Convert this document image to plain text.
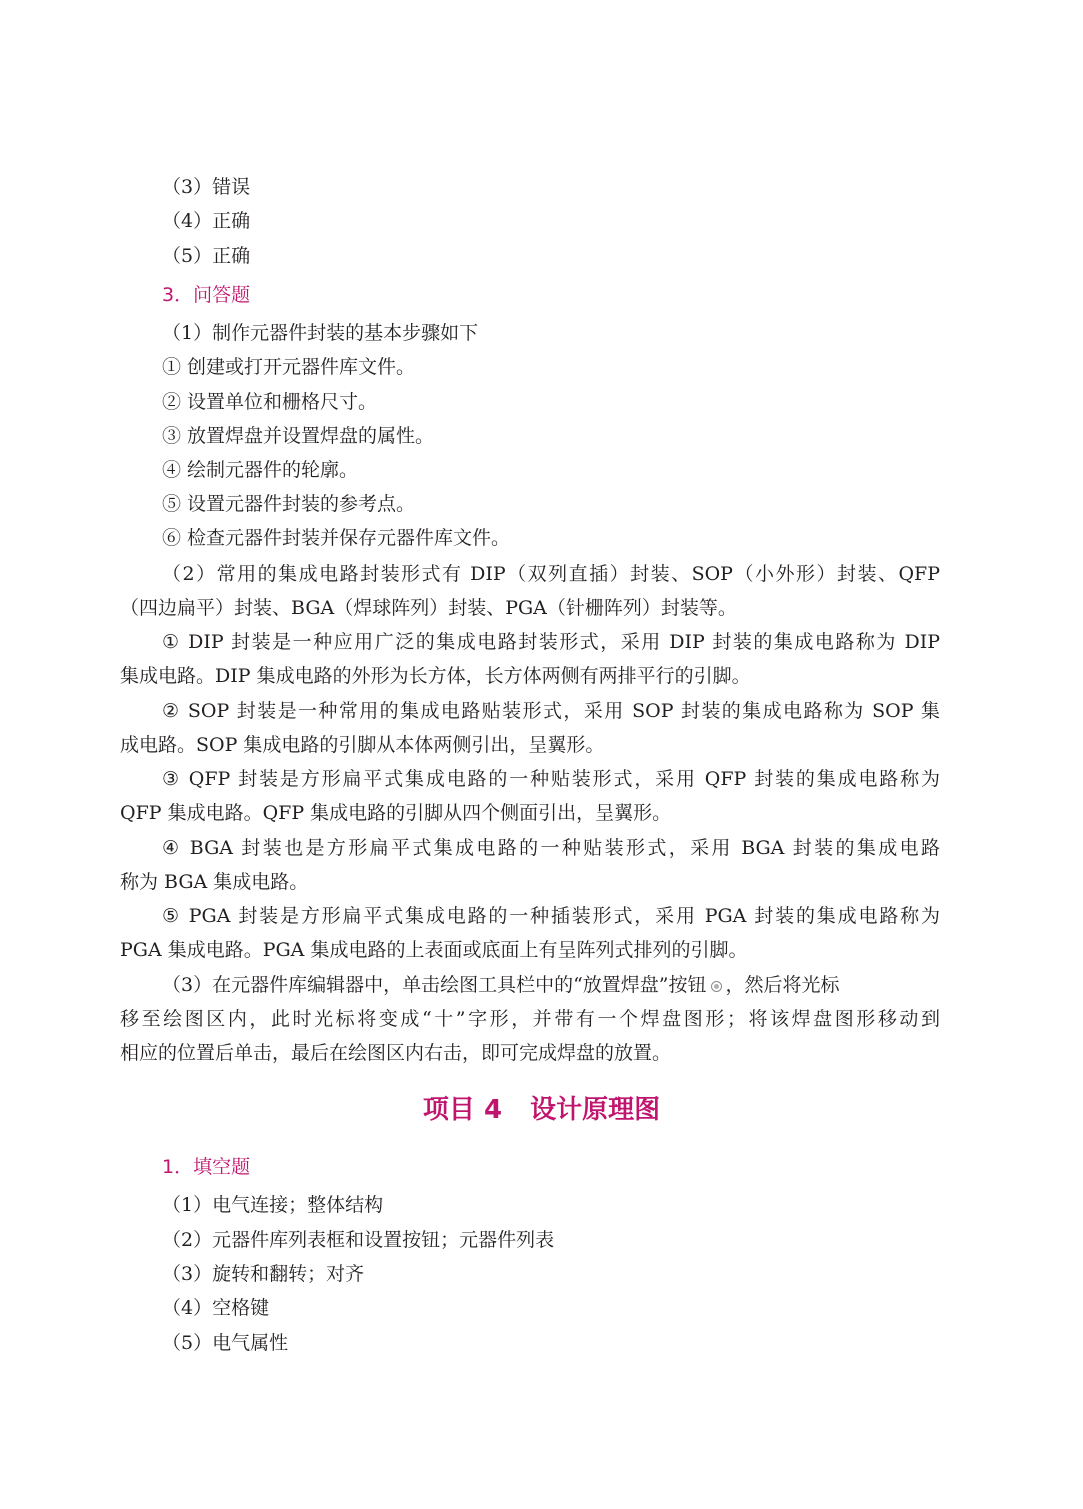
（3）错误
（4）正确
（5）正确
3．问答题
（1）制作元器件封装的基本步骤如下
① 创建或打开元器件库文件。
② 设置单位和栅格尺寸。
③ 放置焊盘并设置焊盘的属性。
④ 绘制元器件的轮廓。
⑤ 设置元器件封装的参考点。
⑥ 检查元器件封装并保存元器件库文件。
（2）常用的集成电路封装形式有 DIP（双列直插）封装、SOP（小外形）封装、QFP
（四边扁平）封装、BGA（焊球阵列）封装、PGA（针栅阵列）封装等。
① DIP 封装是一种应用广泛的集成电路封装形式，采用 DIP 封装的集成电路称为 DIP
集成电路。DIP 集成电路的外形为长方体，长方体两侧有两排平行的引脚。
② SOP 封装是一种常用的集成电路贴装形式，采用 SOP 封装的集成电路称为 SOP 集
成电路。SOP 集成电路的引脚从本体两侧引出，呈翼形。
③ QFP 封装是方形扁平式集成电路的一种贴装形式，采用 QFP 封装的集成电路称为
QFP 集成电路。QFP 集成电路的引脚从四个侧面引出，呈翼形。
④ BGA 封装也是方形扁平式集成电路的一种贴装形式，采用 BGA 封装的集成电路
称为 BGA 集成电路。
⑤ PGA 封装是方形扁平式集成电路的一种插装形式，采用 PGA 封装的集成电路称为
PGA 集成电路。PGA 集成电路的上表面或底面上有呈阵列式排列的引脚。
（3）在元器件库编辑器中，单击绘图工具栏中的“放置焊盘”按钮 ，然后将光标
移至绘图区内，此时光标将变成“十”字形，并带有一个焊盘图形；将该焊盘图形移动到
相应的位置后单击，最后在绘图区内右击，即可完成焊盘的放置。
项目 4 设计原理图
1．填空题
（1）电气连接；整体结构
（2）元器件库列表框和设置按钮；元器件列表
（3）旋转和翻转；对齐
（4）空格键
（5）电气属性
